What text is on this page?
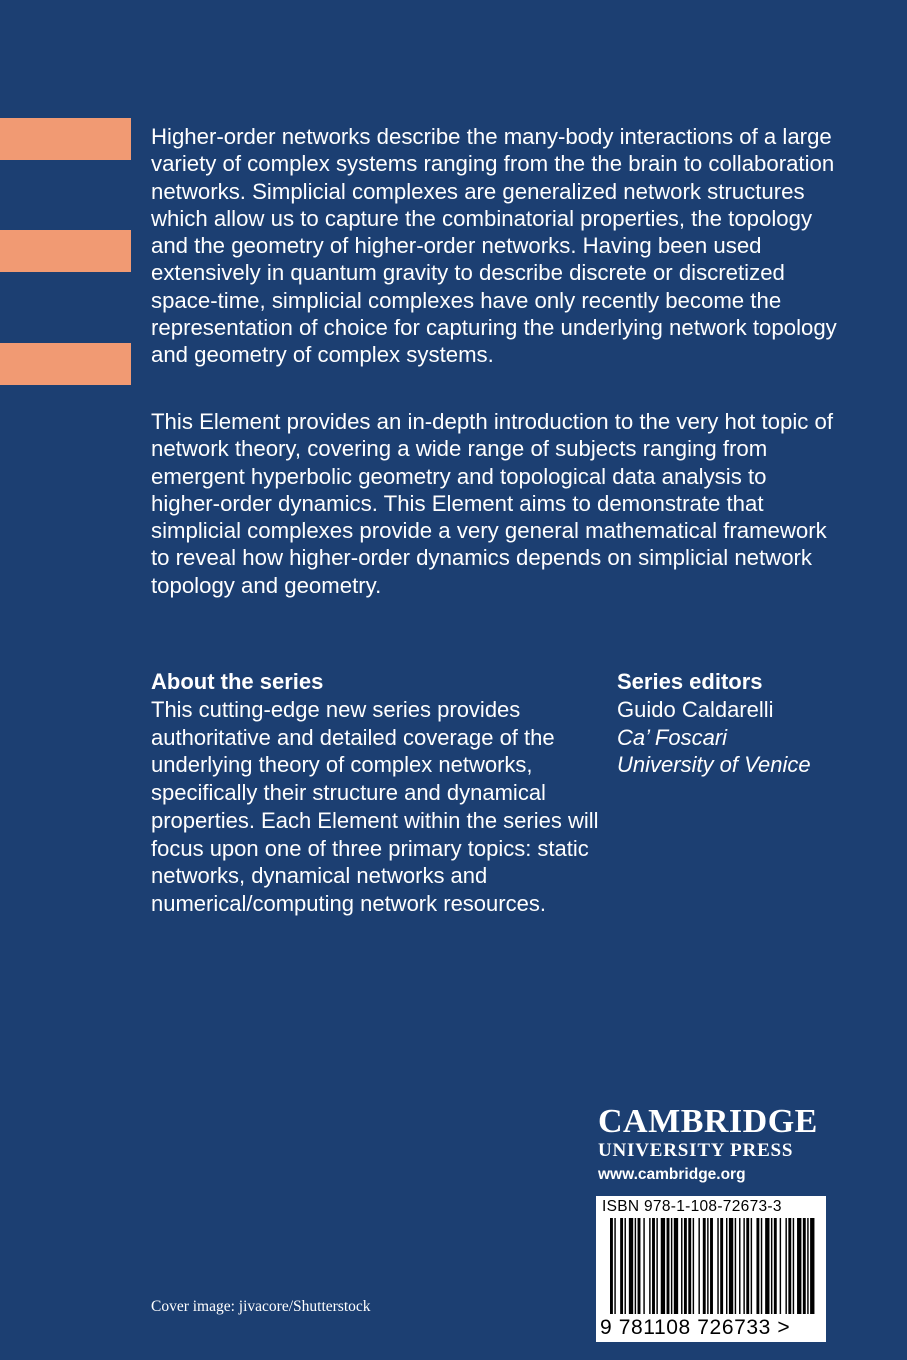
Higher-order networks describe the many-body interactions of a large variety of complex systems ranging from the the brain to collaboration networks. Simplicial complexes are generalized network structures which allow us to capture the combinatorial properties, the topology and the geometry of higher-order networks. Having been used extensively in quantum gravity to describe discrete or discretized space-time, simplicial complexes have only recently become the representation of choice for capturing the underlying network topology and geometry of complex systems.

This Element provides an in-depth introduction to the very hot topic of network theory, covering a wide range of subjects ranging from emergent hyperbolic geometry and topological data analysis to higher-order dynamics. This Element aims to demonstrate that simplicial complexes provide a very general mathematical framework to reveal how higher-order dynamics depends on simplicial network topology and geometry.

About the series

This cutting-edge new series provides authoritative and detailed coverage of the underlying theory of complex networks, specifically their structure and dynamical properties. Each Element within the series will focus upon one of three primary topics: static networks, dynamical networks and numerical/computing network resources.

Series editors

Guido Caldarelli

Ca’ Foscari University of Venice

CAMBRIDGE
UNIVERSITY PRESS
www.cambridge.org
ISBN 978-1-108-72673-3
9 781108 726733 >
Cover image: jivacore/Shutterstock
